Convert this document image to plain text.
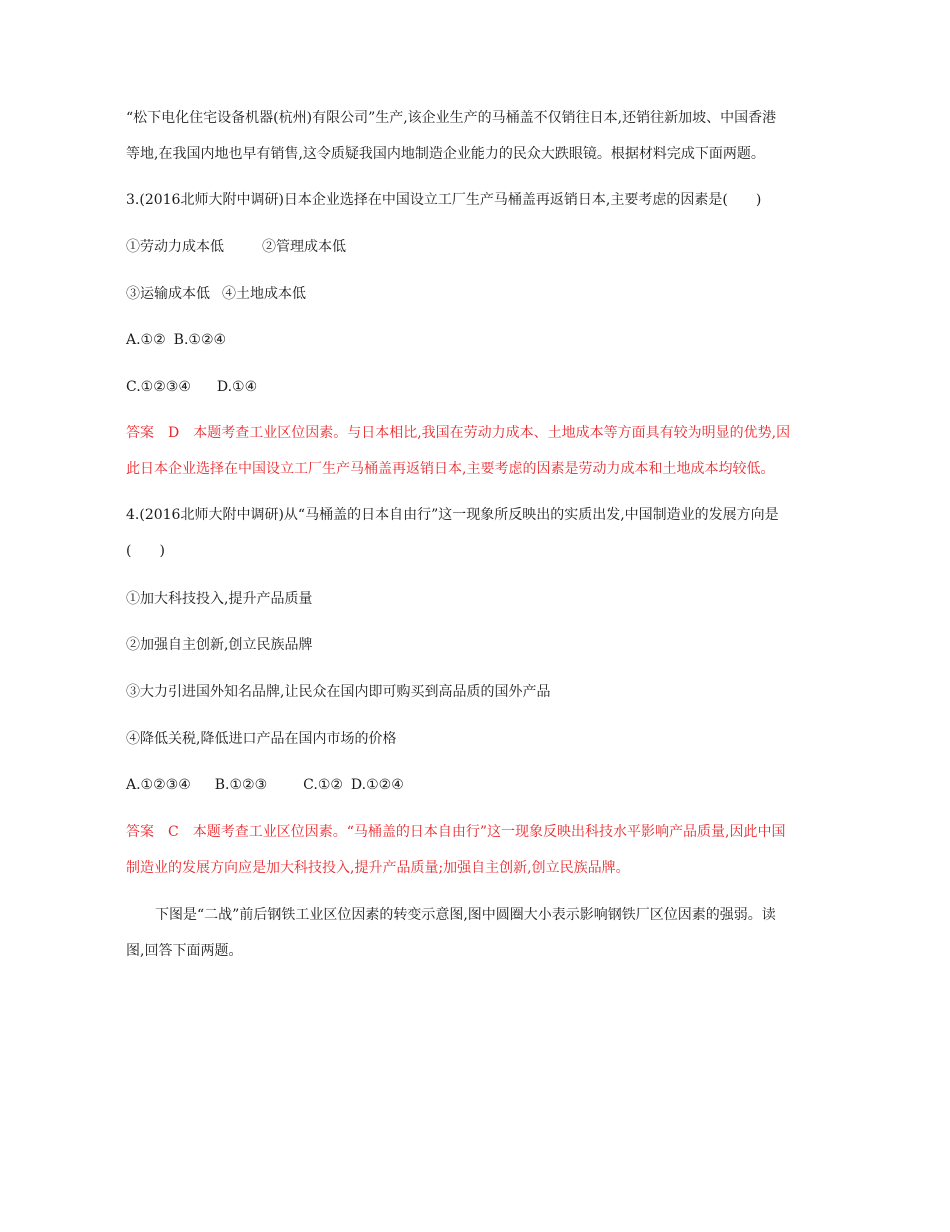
“松下电化住宅设备机器(杭州)有限公司”生产,该企业生产的马桶盖不仅销往日本,还销往新加坡、中国香港
等地,在我国内地也早有销售,这令质疑我国内地制造企业能力的民众大跌眼镜。根据材料完成下面两题。
3.(2016北师大附中调研)日本企业选择在中国设立工厂生产马桶盖再返销日本,主要考虑的因素是(　　)
①劳动力成本低	②管理成本低
③运输成本低 ④土地成本低
A.①② B.①②④
C.①②③④ D.①④
答案 D 本题考查工业区位因素。与日本相比,我国在劳动力成本、土地成本等方面具有较为明显的优势,因
此日本企业选择在中国设立工厂生产马桶盖再返销日本,主要考虑的因素是劳动力成本和土地成本均较低。
4.(2016北师大附中调研)从“马桶盖的日本自由行”这一现象所反映出的实质出发,中国制造业的发展方向是
(　　)
①加大科技投入,提升产品质量
②加强自主创新,创立民族品牌
③大力引进国外知名品牌,让民众在国内即可购买到高品质的国外产品
④降低关税,降低进口产品在国内市场的价格
A.①②③④ B.①②③	C.①② D.①②④
答案 C 本题考查工业区位因素。“马桶盖的日本自由行”这一现象反映出科技水平影响产品质量,因此中国
制造业的发展方向应是加大科技投入,提升产品质量;加强自主创新,创立民族品牌。
下图是“二战”前后钢铁工业区位因素的转变示意图,图中圆圈大小表示影响钢铁厂区位因素的强弱。读
图,回答下面两题。
